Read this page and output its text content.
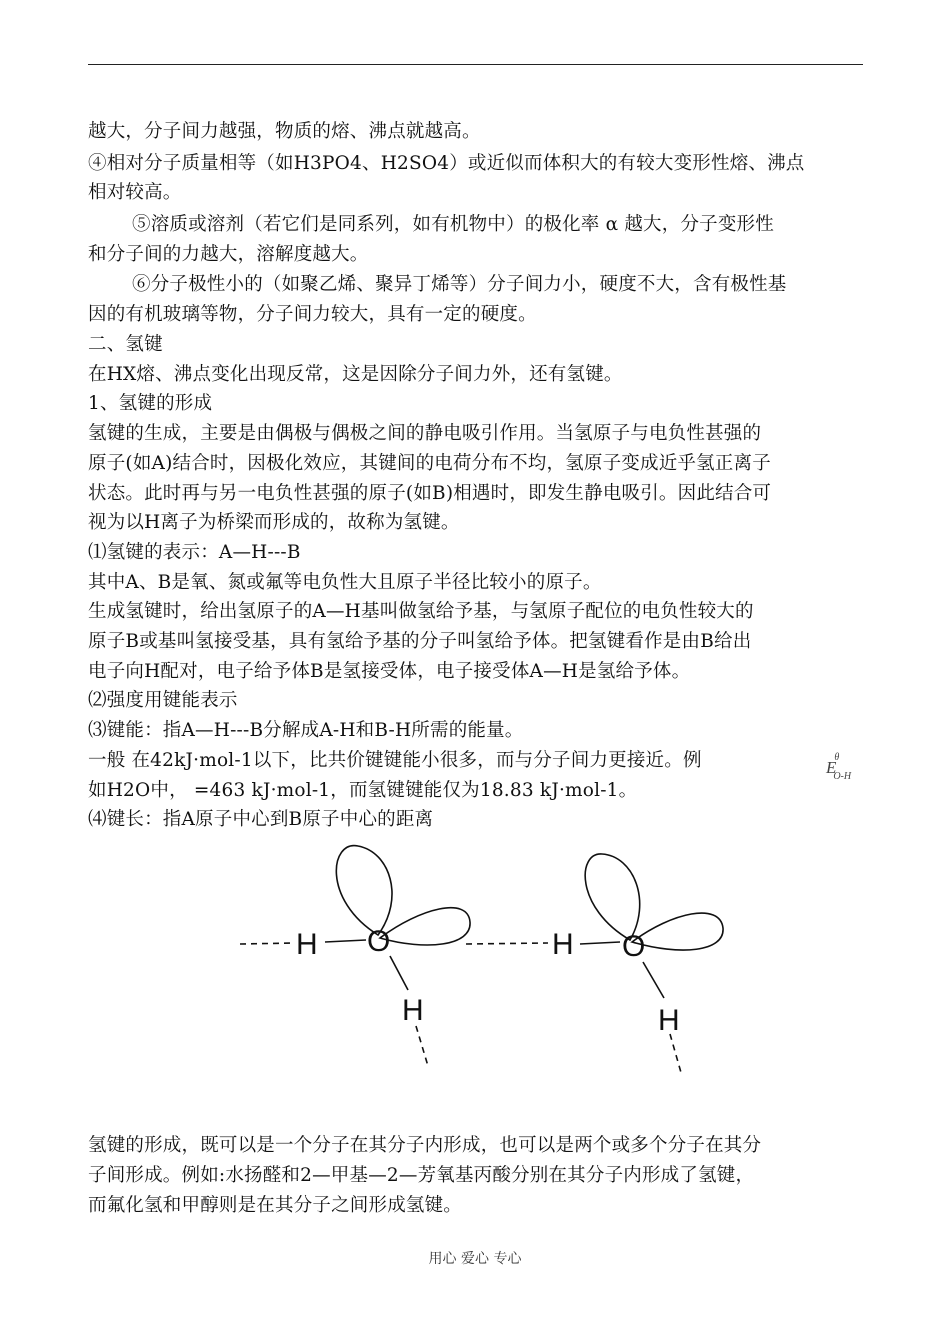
越大，分子间力越强，物质的熔、沸点就越高。
④相对分子质量相等（如H3PO4、H2SO4）或近似而体积大的有较大变形性熔、沸点
相对较高。
⑤溶质或溶剂（若它们是同系列，如有机物中）的极化率 α 越大，分子变形性
和分子间的力越大，溶解度越大。
⑥分子极性小的（如聚乙烯、聚异丁烯等）分子间力小，硬度不大，含有极性基
因的有机玻璃等物，分子间力较大，具有一定的硬度。
二、氢键
在HX熔、沸点变化出现反常，这是因除分子间力外，还有氢键。
1、氢键的形成
氢键的生成，主要是由偶极与偶极之间的静电吸引作用。当氢原子与电负性甚强的
原子(如A)结合时，因极化效应，其键间的电荷分布不均，氢原子变成近乎氢正离子
状态。此时再与另一电负性甚强的原子(如B)相遇时，即发生静电吸引。因此结合可
视为以H离子为桥梁而形成的，故称为氢键。
⑴氢键的表示：A—H---B
其中A、B是氧、氮或氟等电负性大且原子半径比较小的原子。
生成氢键时，给出氢原子的A—H基叫做氢给予基，与氢原子配位的电负性较大的
原子B或基叫氢接受基，具有氢给予基的分子叫氢给予体。把氢键看作是由B给出
电子向H配对，电子给予体B是氢接受体，电子接受体A—H是氢给予体。
⑵强度用键能表示
⑶键能：指A—H---B分解成A-H和B-H所需的能量。
一般 在42kJ·mol-1以下，比共价键键能小很多，而与分子间力更接近。例
如H2O中， =463 kJ·mol-1，而氢键键能仅为18.83 kJ·mol-1。
⑷键长：指A原子中心到B原子中心的距离
$E^\theta_{O-H}$
H O
H
H O
H
氢键的形成，既可以是一个分子在其分子内形成，也可以是两个或多个分子在其分
子间形成。例如:水扬醛和2—甲基—2—芳氧基丙酸分别在其分子内形成了氢键，
而氟化氢和甲醇则是在其分子之间形成氢键。
用心 爱心 专心
